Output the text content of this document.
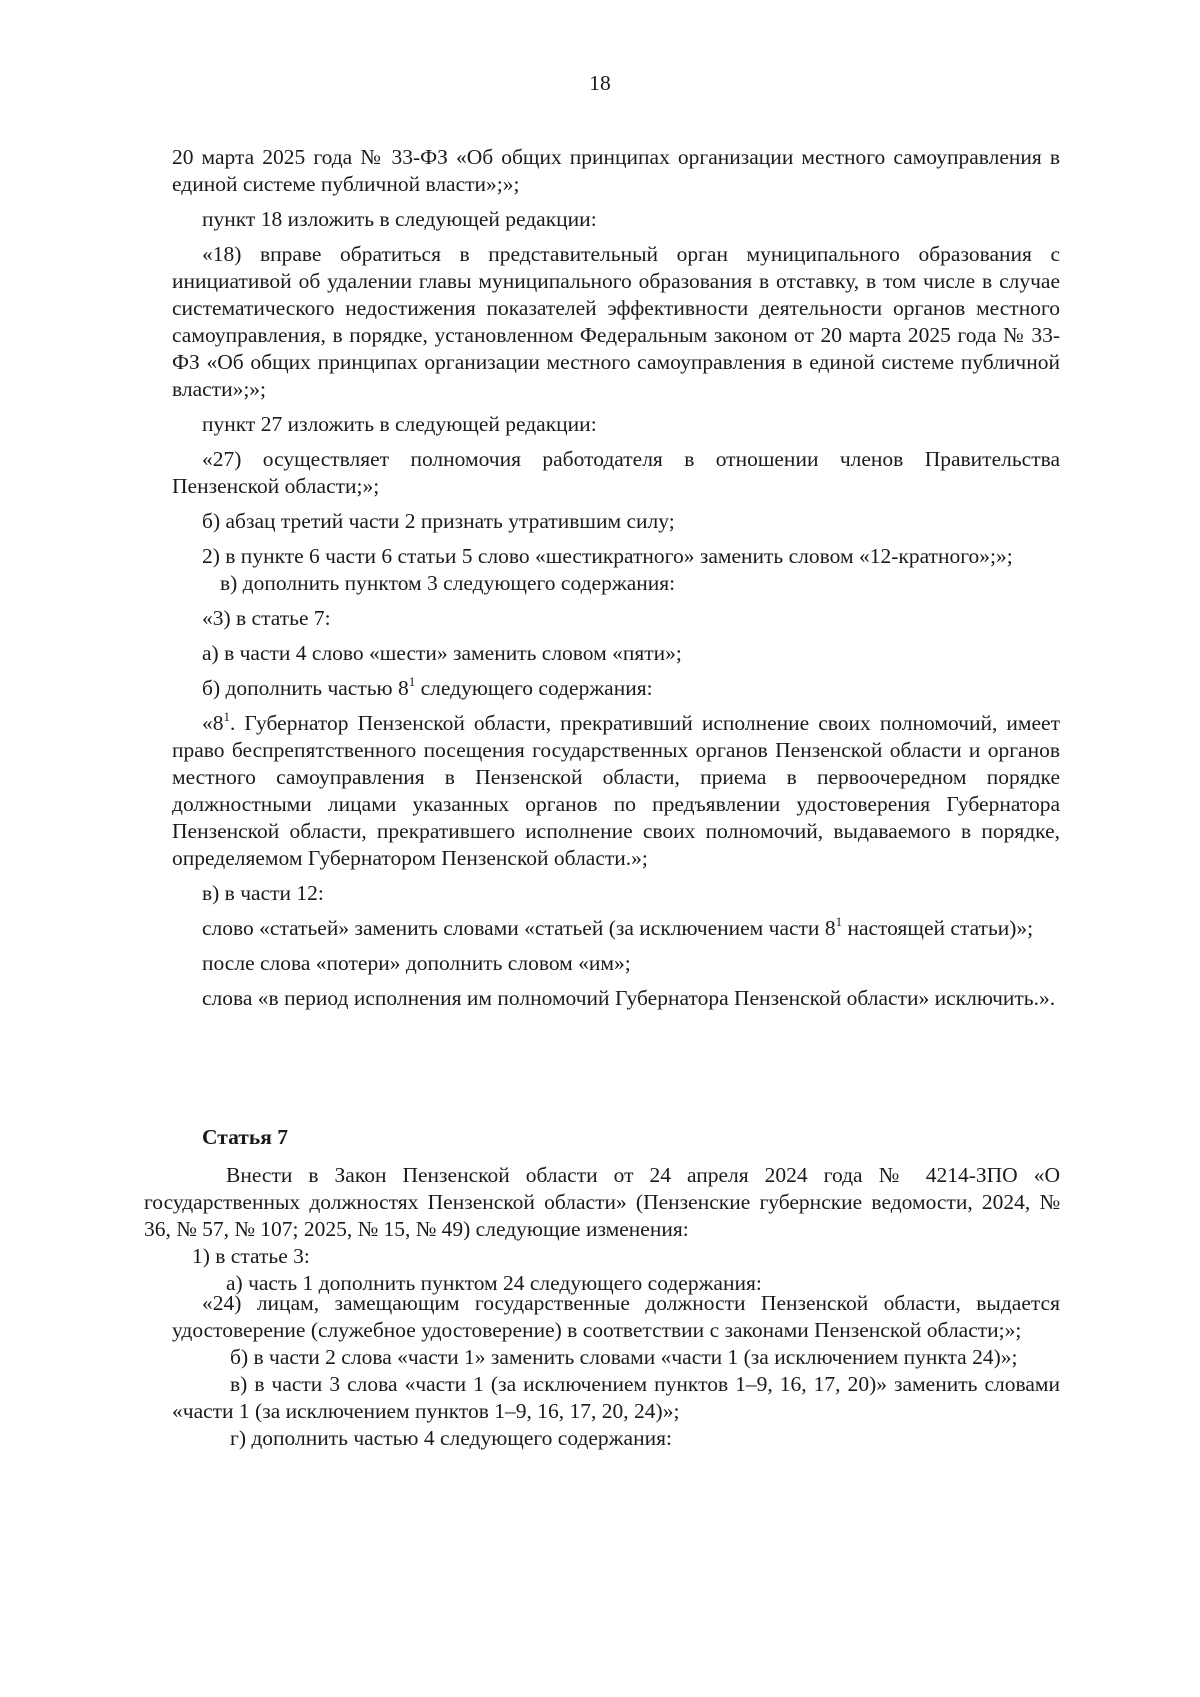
18

20 марта 2025 года № 33-ФЗ «Об общих принципах организации местного самоуправления в единой системе публичной власти»;»;

пункт 18 изложить в следующей редакции:

«18) вправе обратиться в представительный орган муниципального образования с инициативой об удалении главы муниципального образования в отставку, в том числе в случае систематического недостижения показателей эффективности деятельности органов местного самоуправления, в порядке, установленном Федеральным законом от 20 марта 2025 года № 33-ФЗ «Об общих принципах организации местного самоуправления в единой системе публичной власти»;»;

пункт 27 изложить в следующей редакции:

«27) осуществляет полномочия работодателя в отношении членов Правительства Пензенской области;»;

б) абзац третий части 2 признать утратившим силу;

2) в пункте 6 части 6 статьи 5 слово «шестикратного» заменить словом «12-кратного»;»;

в) дополнить пунктом 3 следующего содержания:

«3) в статье 7:

а) в части 4 слово «шести» заменить словом «пяти»;

б) дополнить частью $8^1$ следующего содержания:

«$8^1$. Губернатор Пензенской области, прекративший исполнение своих полномочий, имеет право беспрепятственного посещения государственных органов Пензенской области и органов местного самоуправления в Пензенской области, приема в первоочередном порядке должностными лицами указанных органов по предъявлении удостоверения Губернатора Пензенской области, прекратившего исполнение своих полномочий, выдаваемого в порядке, определяемом Губернатором Пензенской области.»;

в) в части 12:

слово «статьей» заменить словами «статьей (за исключением части $8^1$ настоящей статьи)»;

после слова «потери» дополнить словом «им»;

слова «в период исполнения им полномочий Губернатора Пензенской области» исключить.».

Статья 7

Внести в Закон Пензенской области от 24 апреля 2024 года № 4214-ЗПО «О государственных должностях Пензенской области» (Пензенские губернские ведомости, 2024, № 36, № 57, № 107; 2025, № 15, № 49) следующие изменения:

1) в статье 3:

а) часть 1 дополнить пунктом 24 следующего содержания:

«24) лицам, замещающим государственные должности Пензенской области, выдается удостоверение (служебное удостоверение) в соответствии с законами Пензенской области;»;

б) в части 2 слова «части 1» заменить словами «части 1 (за исключением пункта 24)»;

в) в части 3 слова «части 1 (за исключением пунктов 1–9, 16, 17, 20)» заменить словами «части 1 (за исключением пунктов 1–9, 16, 17, 20, 24)»;

г) дополнить частью 4 следующего содержания:
